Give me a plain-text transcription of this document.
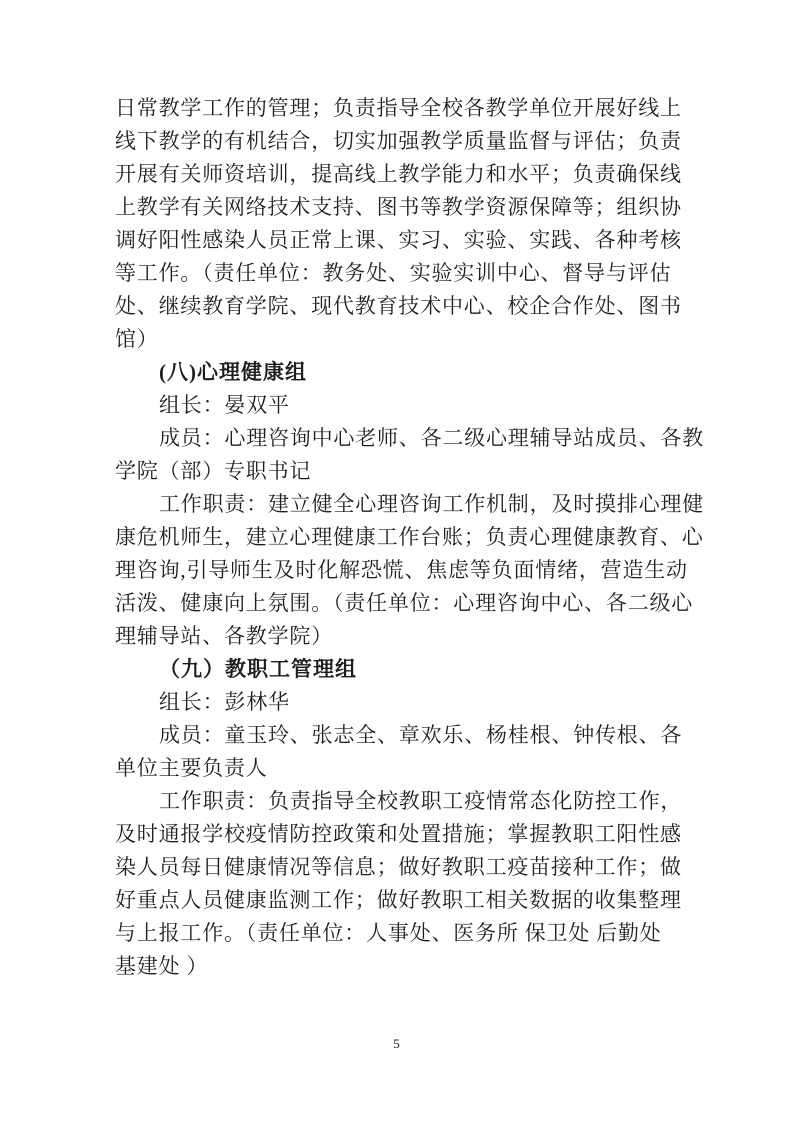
日常教学工作的管理；负责指导全校各教学单位开展好线上
线下教学的有机结合，切实加强教学质量监督与评估；负责
开展有关师资培训，提高线上教学能力和水平；负责确保线
上教学有关网络技术支持、图书等教学资源保障等；组织协
调好阳性感染人员正常上课、实习、实验、实践、各种考核
等工作。（责任单位：教务处、实验实训中心、督导与评估
处、继续教育学院、现代教育技术中心、校企合作处、图书
馆）
(八)心理健康组
组长：晏双平
成员：心理咨询中心老师、各二级心理辅导站成员、各教
学院（部）专职书记
工作职责：建立健全心理咨询工作机制，及时摸排心理健
康危机师生，建立心理健康工作台账；负责心理健康教育、心
理咨询,引导师生及时化解恐慌、焦虑等负面情绪，营造生动
活泼、健康向上氛围。（责任单位：心理咨询中心、各二级心
理辅导站、各教学院）
（九）教职工管理组
组长：彭林华
成员：童玉玲、张志全、章欢乐、杨桂根、钟传根、各
单位主要负责人
工作职责：负责指导全校教职工疫情常态化防控工作，
及时通报学校疫情防控政策和处置措施；掌握教职工阳性感
染人员每日健康情况等信息；做好教职工疫苗接种工作；做
好重点人员健康监测工作；做好教职工相关数据的收集整理
与上报工作。（责任单位：人事处、医务所 保卫处 后勤处
基建处 ）
5
